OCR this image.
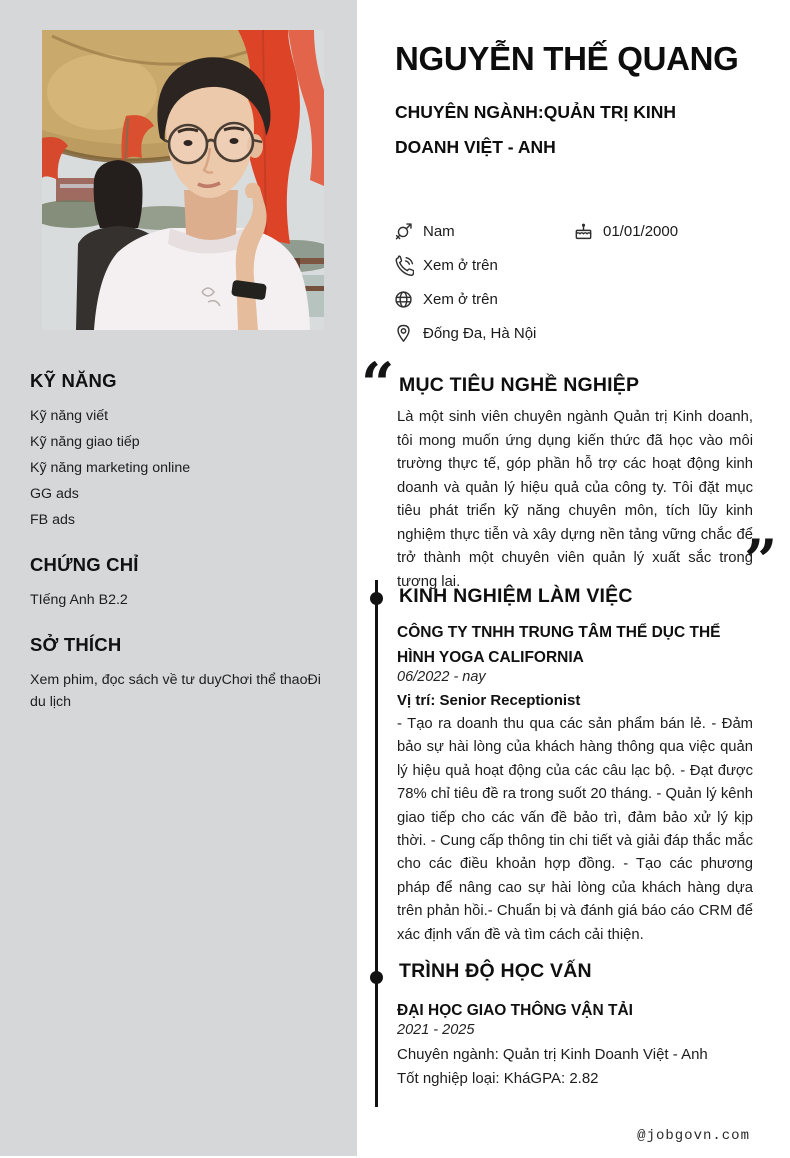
KỸ NĂNG
Kỹ năng viết
Kỹ năng giao tiếp
Kỹ năng marketing online
GG ads
FB ads
CHỨNG CHỈ
TIếng Anh B2.2
SỞ THÍCH
Xem phim, đọc sách về tư duyChơi thể thaoĐi du lịch
NGUYỄN THẾ QUANG
CHUYÊN NGÀNH:QUẢN TRỊ KINH DOANH VIỆT - ANH
Nam	01/01/2000
Xem ở trên
Xem ở trên
Đống Đa, Hà Nội
“ MỤC TIÊU NGHỀ NGHIỆP

Là một sinh viên chuyên ngành Quản trị Kinh doanh, tôi mong muốn ứng dụng kiến thức đã học vào môi trường thực tế, góp phần hỗ trợ các hoạt động kinh doanh và quản lý hiệu quả của công ty. Tôi đặt mục tiêu phát triển kỹ năng chuyên môn, tích lũy kinh nghiệm thực tiễn và xây dựng nền tảng vững chắc để trở thành một chuyên viên quản lý xuất sắc trong tương lai.	”
KINH NGHIỆM LÀM VIỆC
CÔNG TY TNHH TRUNG TÂM THỂ DỤC THỂ HÌNH YOGA CALIFORNIA
06/2022 - nay
Vị trí: Senior Receptionist

- Tạo ra doanh thu qua các sản phẩm bán lẻ. - Đảm bảo sự hài lòng của khách hàng thông qua việc quản lý hiệu quả hoạt động của các câu lạc bộ. - Đạt được 78% chỉ tiêu đề ra trong suốt 20 tháng. - Quản lý kênh giao tiếp cho các vấn đề bảo trì, đảm bảo xử lý kịp thời. - Cung cấp thông tin chi tiết và giải đáp thắc mắc cho các điều khoản hợp đồng. - Tạo các phương pháp để nâng cao sự hài lòng của khách hàng dựa trên phản hồi.- Chuẩn bị và đánh giá báo cáo CRM để xác định vấn đề và tìm cách cải thiện.

TRÌNH ĐỘ HỌC VẤN
ĐẠI HỌC GIAO THÔNG VẬN TẢI
2021 - 2025
Chuyên ngành: Quản trị Kinh Doanh Việt - Anh
Tốt nghiệp loại: KháGPA: 2.82
@jobgovn.com
